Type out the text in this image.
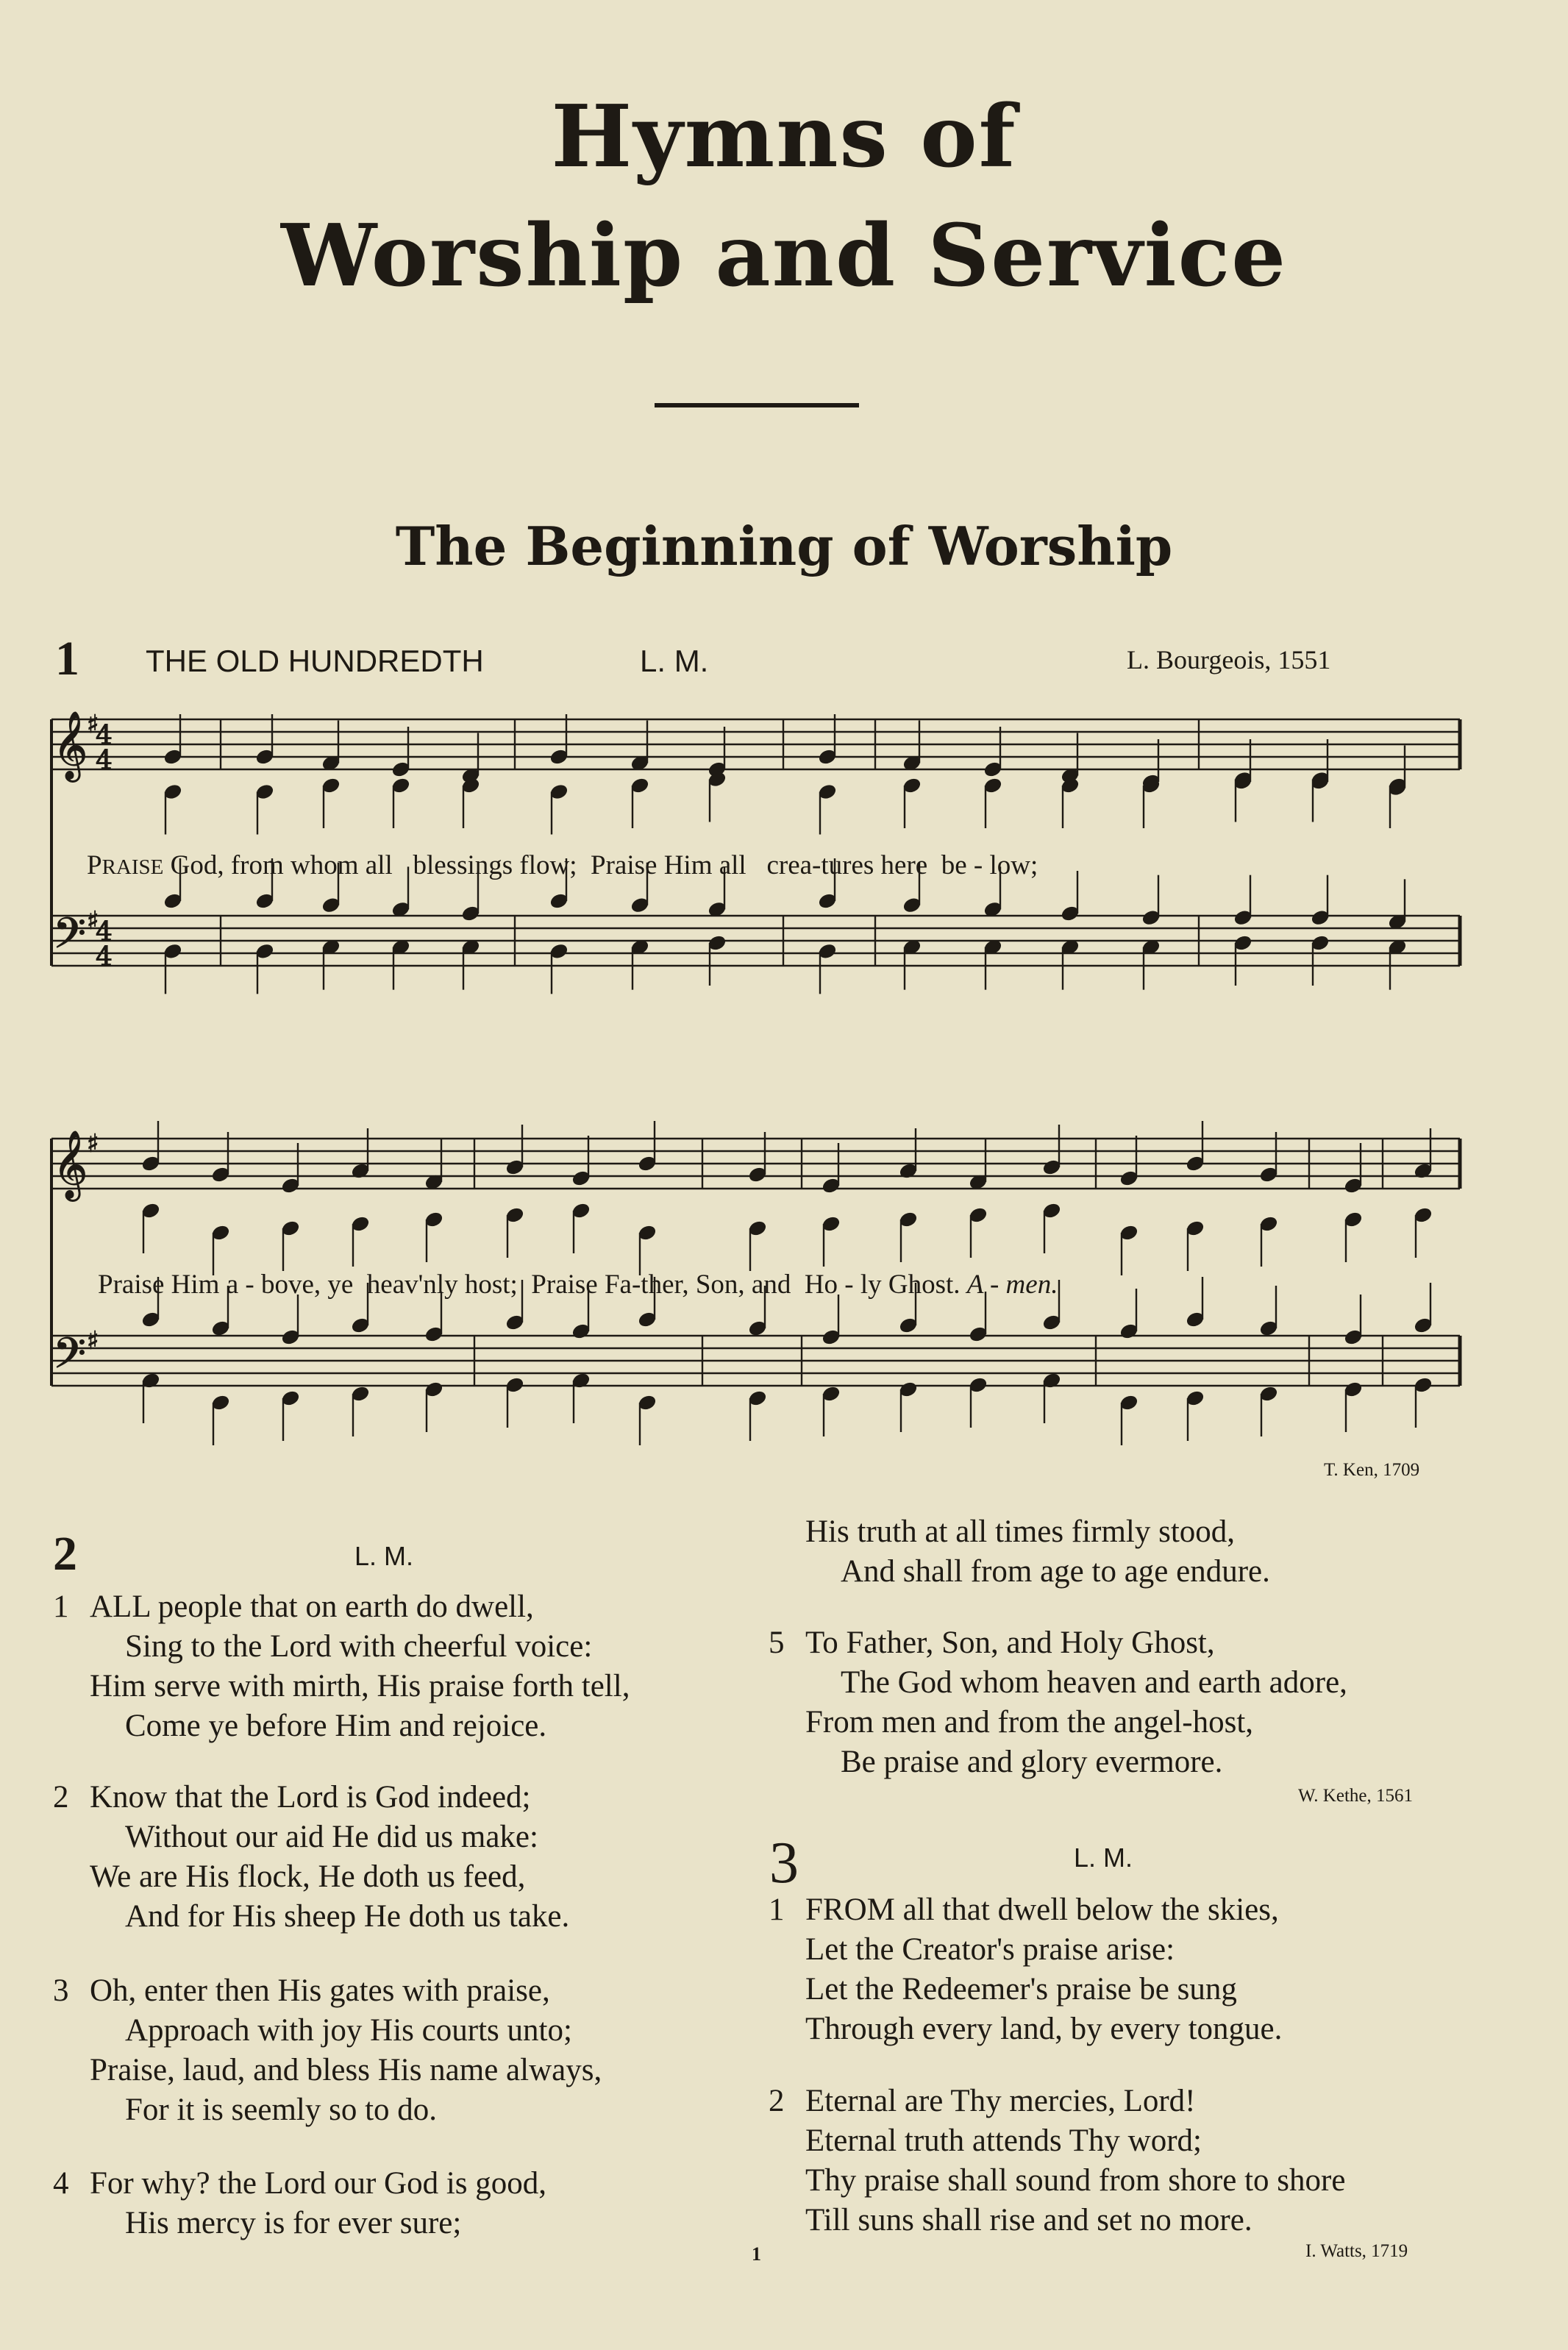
Hymns of
Worship and Service
The Beginning of Worship
1 THE OLD HUNDREDTH	L. M.	L. Bourgeois, 1551
𝄞
𝄢
𝄞
𝄢
4
4
4
4
♯
♯
♯
♯
PRAISE God, from whom all   blessings flow;  Praise Him all   crea-tures here  be - low;
Praise Him a - bove, ye  heav'nly host;  Praise Fa-ther, Son, and  Ho - ly Ghost. A - men.
T. Ken, 1709
2	L. M.
1 ALL people that on earth do dwell,
Sing to the Lord with cheerful voice:
Him serve with mirth, His praise forth tell,
Come ye before Him and rejoice.
2 Know that the Lord is God indeed;
Without our aid He did us make:
We are His flock, He doth us feed,
And for His sheep He doth us take.
3 Oh, enter then His gates with praise,
Approach with joy His courts unto;
Praise, laud, and bless His name always,
For it is seemly so to do.
4 For why? the Lord our God is good,
His mercy is for ever sure;
His truth at all times firmly stood,
And shall from age to age endure.
5 To Father, Son, and Holy Ghost,
The God whom heaven and earth adore,
From men and from the angel-host,
Be praise and glory evermore.
1 FROM all that dwell below the skies,
Let the Creator's praise arise:
Let the Redeemer's praise be sung
Through every land, by every tongue.
2 Eternal are Thy mercies, Lord!
Eternal truth attends Thy word;
Thy praise shall sound from shore to shore
Till suns shall rise and set no more.
W. Kethe, 1561
3	L. M.
I. Watts, 1719
1
